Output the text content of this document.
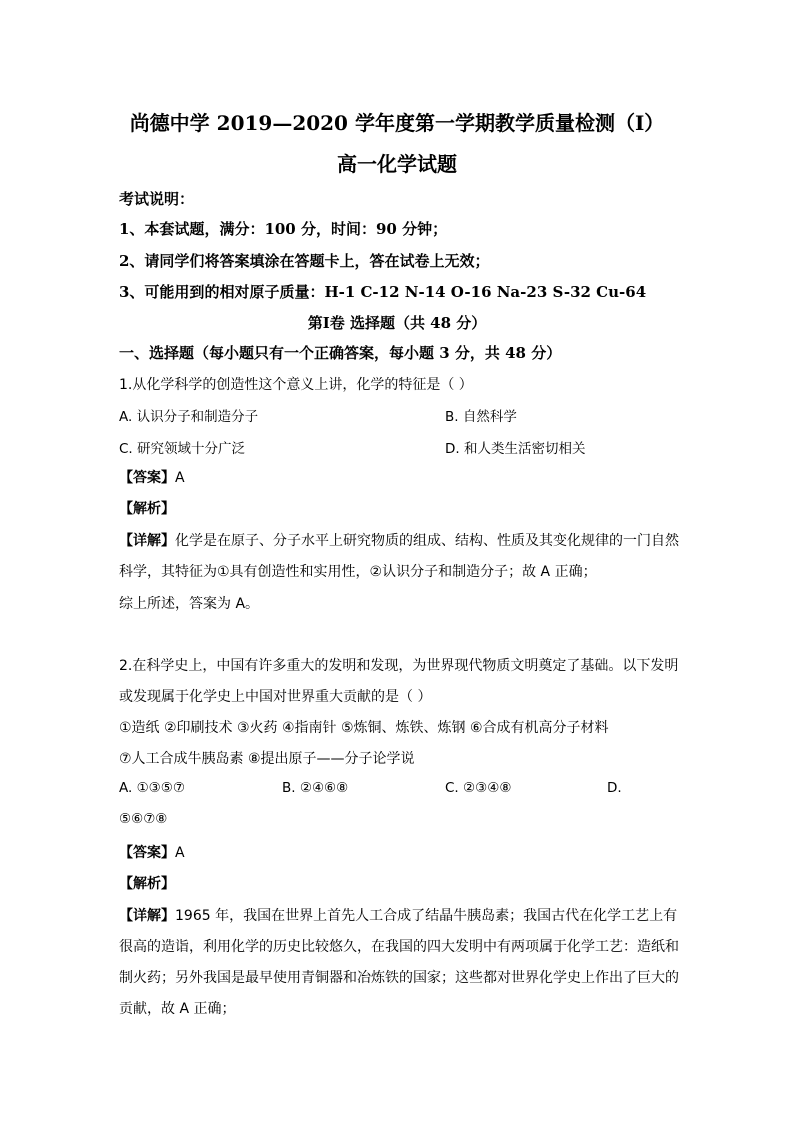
尚德中学 2019—2020 学年度第一学期教学质量检测（Ⅰ）
高一化学试题
考试说明：
1、本套试题，满分：100 分，时间：90 分钟；
2、请同学们将答案填涂在答题卡上，答在试卷上无效；
3、可能用到的相对原子质量：H-1 C-12 N-14 O-16 Na-23 S-32 Cu-64
第Ⅰ卷 选择题（共 48 分）
一、选择题（每小题只有一个正确答案，每小题 3 分，共 48 分）
1.从化学科学的创造性这个意义上讲，化学的特征是（ ）
A. 认识分子和制造分子	B. 自然科学
C. 研究领域十分广泛	D. 和人类生活密切相关
【答案】A
【解析】
【详解】化学是在原子、分子水平上研究物质的组成、结构、性质及其变化规律的一门自然
科学，其特征为①具有创造性和实用性，②认识分子和制造分子；故 A 正确；
综上所述，答案为 A。
2.在科学史上，中国有许多重大的发明和发现，为世界现代物质文明奠定了基础。以下发明
或发现属于化学史上中国对世界重大贡献的是（ ）
①造纸 ②印刷技术 ③火药 ④指南针 ⑤炼铜、炼铁、炼钢 ⑥合成有机高分子材料
⑦人工合成牛胰岛素 ⑧提出原子——分子论学说
A. ①③⑤⑦	B. ②④⑥⑧	C. ②③④⑧	D.
⑤⑥⑦⑧
【答案】A
【解析】
【详解】1965 年，我国在世界上首先人工合成了结晶牛胰岛素；我国古代在化学工艺上有
很高的造诣，利用化学的历史比较悠久，在我国的四大发明中有两项属于化学工艺：造纸和
制火药；另外我国是最早使用青铜器和冶炼铁的国家；这些都对世界化学史上作出了巨大的
贡献，故 A 正确；
